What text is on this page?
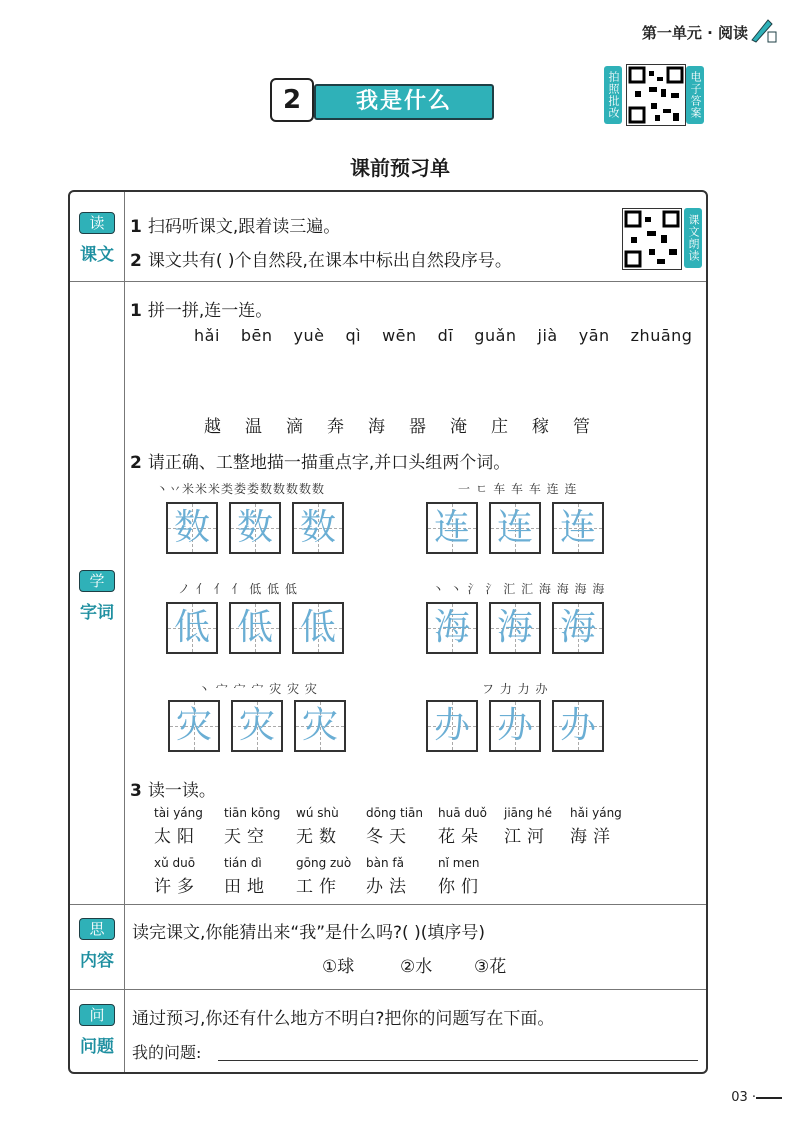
第一单元 · 阅读
2	我是什么	拍照批改	电子答案
课前预习单
读
课文
1 扫码听课文,跟着读三遍。
2 课文共有( )个自然段,在课本中标出自然段序号。	课文朗读
学
字词
1 拼一拼,连一连。
hǎi bēn yuè qì wēn dī guǎn jià yān zhuāng
越 温 滴 奔 海 器 淹 庄 稼 管
2 请正确、工整地描一描重点字,并口头组两个词。
丶丷米米米类娄娄数数数数数
数 数 数
一 ㄷ 车 车 车 连 连
连 连 连
ノ 亻 亻 亻 低 低 低
低 低 低
丶 丶 氵 氵 汇 汇 海 海 海 海
海 海 海
丶 宀 宀 宀 灾 灾 灾
灾 灾 灾
フ 力 力 办
办 办 办
3 读一读。
tài yáng
太阳
tiān kōng
天空
wú shù
无数
dōng tiān
冬天
huā duǒ
花朵
jiāng hé
江河
hǎi yáng
海洋
xǔ duō
许多
tián dì
田地
gōng zuò
工作
bàn fǎ
办法
nǐ men
你们
思
内容
读完课文,你能猜出来“我”是什么吗?( )(填序号)
①球	②水 ③花
问
问题
通过预习,你还有什么地方不明白?把你的问题写在下面。
我的问题:
03 ·
